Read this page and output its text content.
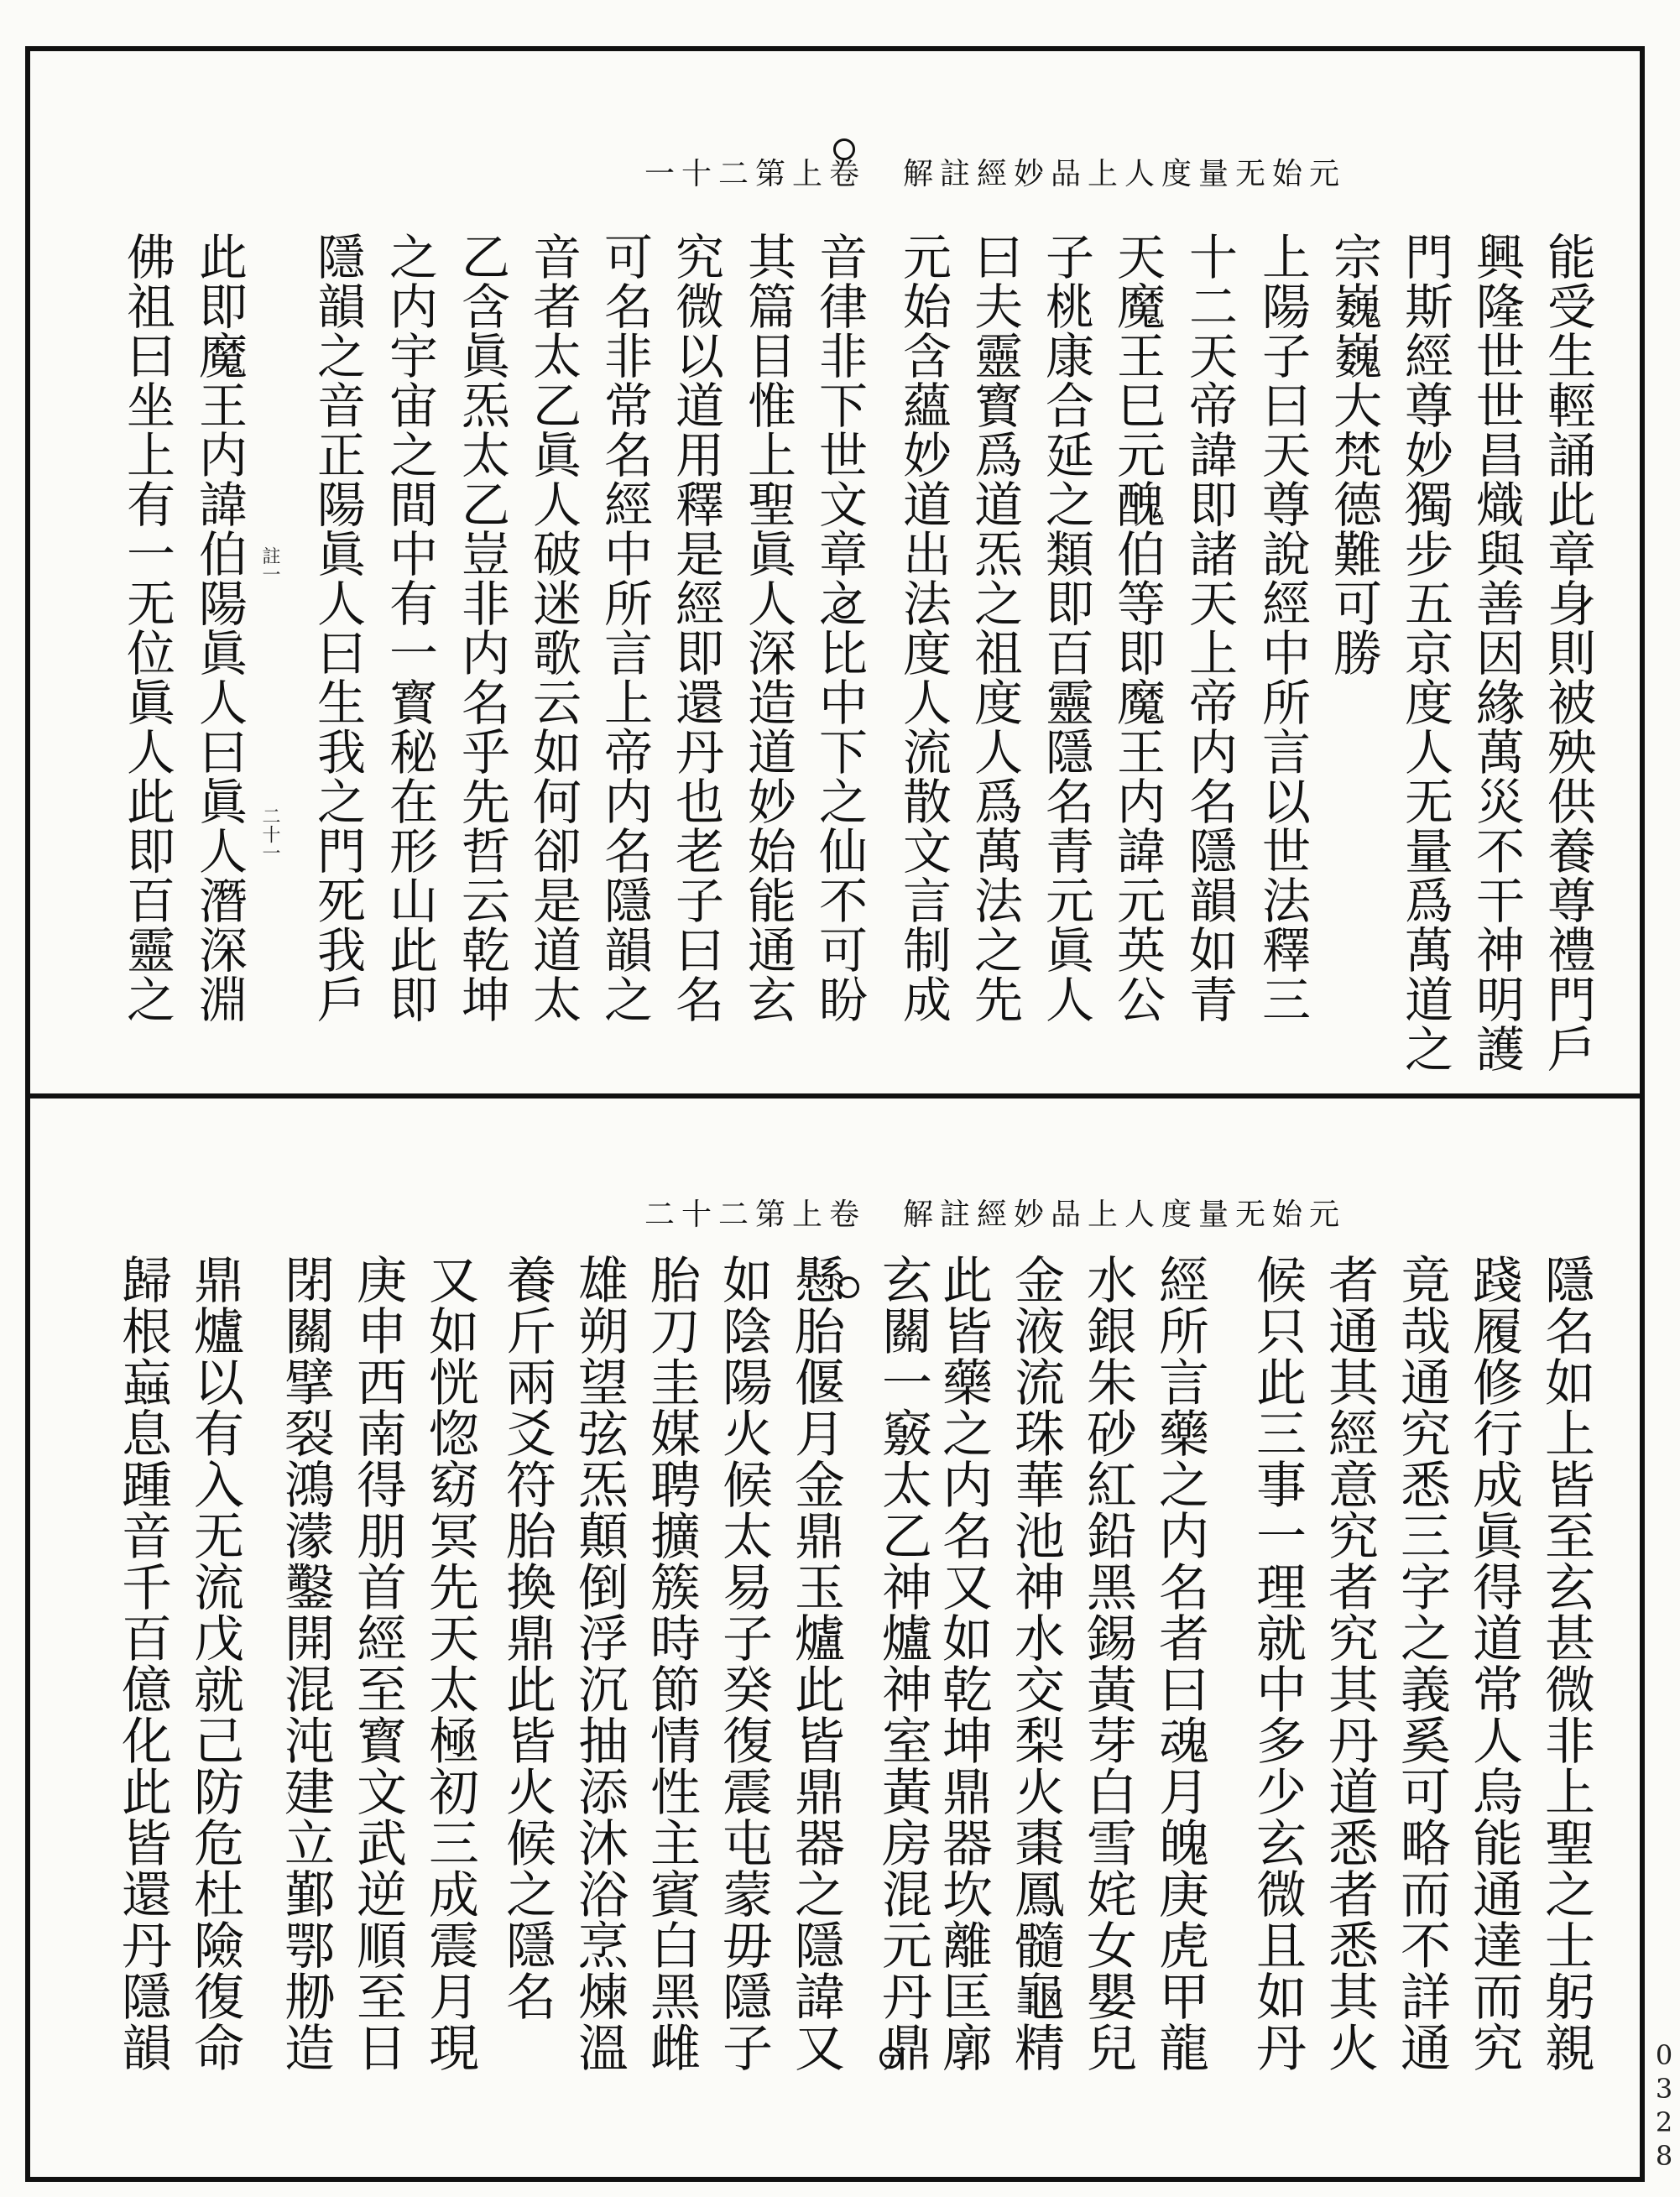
元始无量度人上品妙經註解　卷上第二十一
能受生輕誦此章身則被殃供養尊禮門戶
興隆世世昌熾與善因緣萬災不干神明護
門斯經尊妙獨步五京度人无量爲萬道之
宗巍巍大梵德難可勝
上陽子曰天尊說經中所言以世法釋三
十二天帝諱即諸天上帝内名隱韻如青
天魔王巳元醜伯等即魔王内諱元英公
子桃康合延之類即百靈隱名青元眞人
曰夫靈寳爲道炁之祖度人爲萬法之先
元始含蘊妙道出法度人流散文言制成
音律非下世文章之比中下之仙不可盼
其篇目惟上聖眞人深造道妙始能通玄
究微以道用釋是經即還丹也老子曰名
可名非常名經中所言上帝内名隱韻之
音者太乙眞人破迷歌云如何卻是道太
乙含眞炁太乙豈非内名乎先哲云乾坤
之内宇宙之間中有一寳秘在形山此即
隱韻之音正陽眞人曰生我之門死我戶
此即魔王内諱伯陽眞人曰眞人潛深淵
佛祖曰坐上有一无位眞人此即百靈之	註一
二十一
元始无量度人上品妙經註解　卷上第二十二
隱名如上皆至玄甚微非上聖之士躬親
踐履修行成眞得道常人烏能通達而究
竟哉通究悉三字之義奚可略而不詳通
者通其經意究者究其丹道悉者悉其火
候只此三事一理就中多少玄微且如丹
經所言藥之内名者曰魂月魄庚虎甲龍
水銀朱砂紅鉛黑錫黃芽白雪姹女嬰兒
金液流珠華池神水交梨火棗鳳髓龜精
此皆藥之内名又如乾坤鼎器坎離匡廓
玄關一竅太乙神爐神室黃房混元丹鼎
懸胎偃月金鼎玉爐此皆鼎器之隱諱又
如陰陽火候太易子癸復震屯蒙毋隱子
胎刀圭媒聘擴簇時節情性主賓白黑雌
雄朔望弦炁顛倒浮沉抽添沐浴烹煉溫
養斤兩爻符胎換鼎此皆火候之隱名
又如恍惚窈冥先天太極初三成震月現
庚申西南得朋首經至寳文武逆順至日
閉關擘裂鴻濛鑿開混沌建立鄞鄂刱造
鼎爐以有入无流戊就己防危杜險復命
歸根蝱息踵音千百億化此皆還丹隱韻
0328
